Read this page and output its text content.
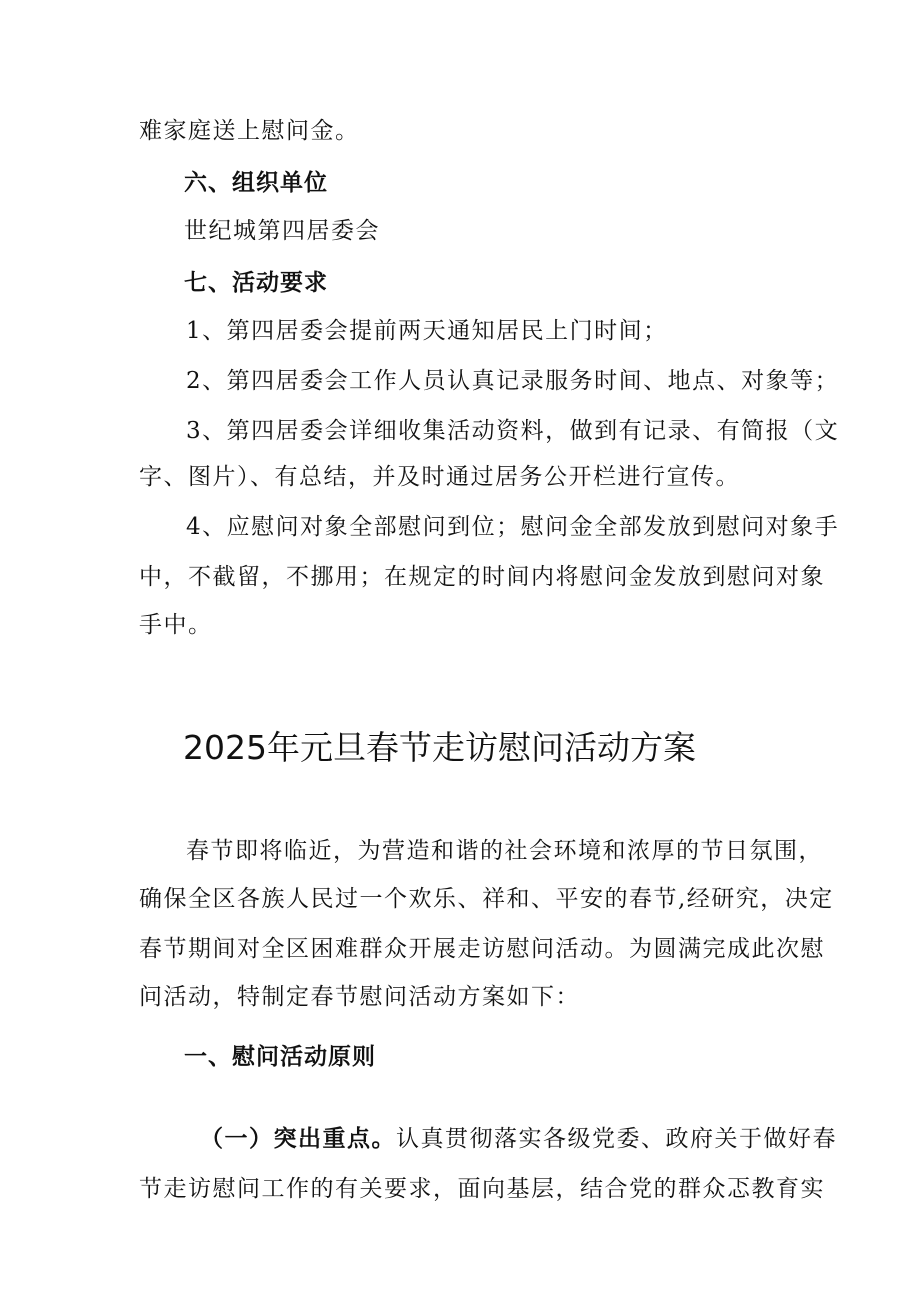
难家庭送上慰问金。
六、组织单位
世纪城第四居委会
七、活动要求
1、第四居委会提前两天通知居民上门时间；
2、第四居委会工作人员认真记录服务时间、地点、对象等；
3、第四居委会详细收集活动资料，做到有记录、有简报（文
字、图片）、有总结，并及时通过居务公开栏进行宣传。
4、应慰问对象全部慰问到位；慰问金全部发放到慰问对象手
中，不截留，不挪用；在规定的时间内将慰问金发放到慰问对象
手中。
2025年元旦春节走访慰问活动方案
春节即将临近，为营造和谐的社会环境和浓厚的节日氛围，
确保全区各族人民过一个欢乐、祥和、平安的春节,经研究，决定
春节期间对全区困难群众开展走访慰问活动。为圆满完成此次慰
问活动，特制定春节慰问活动方案如下：
一、慰问活动原则
（一）突出重点。认真贯彻落实各级党委、政府关于做好春
节走访慰问工作的有关要求，面向基层，结合党的群众忑教育实
